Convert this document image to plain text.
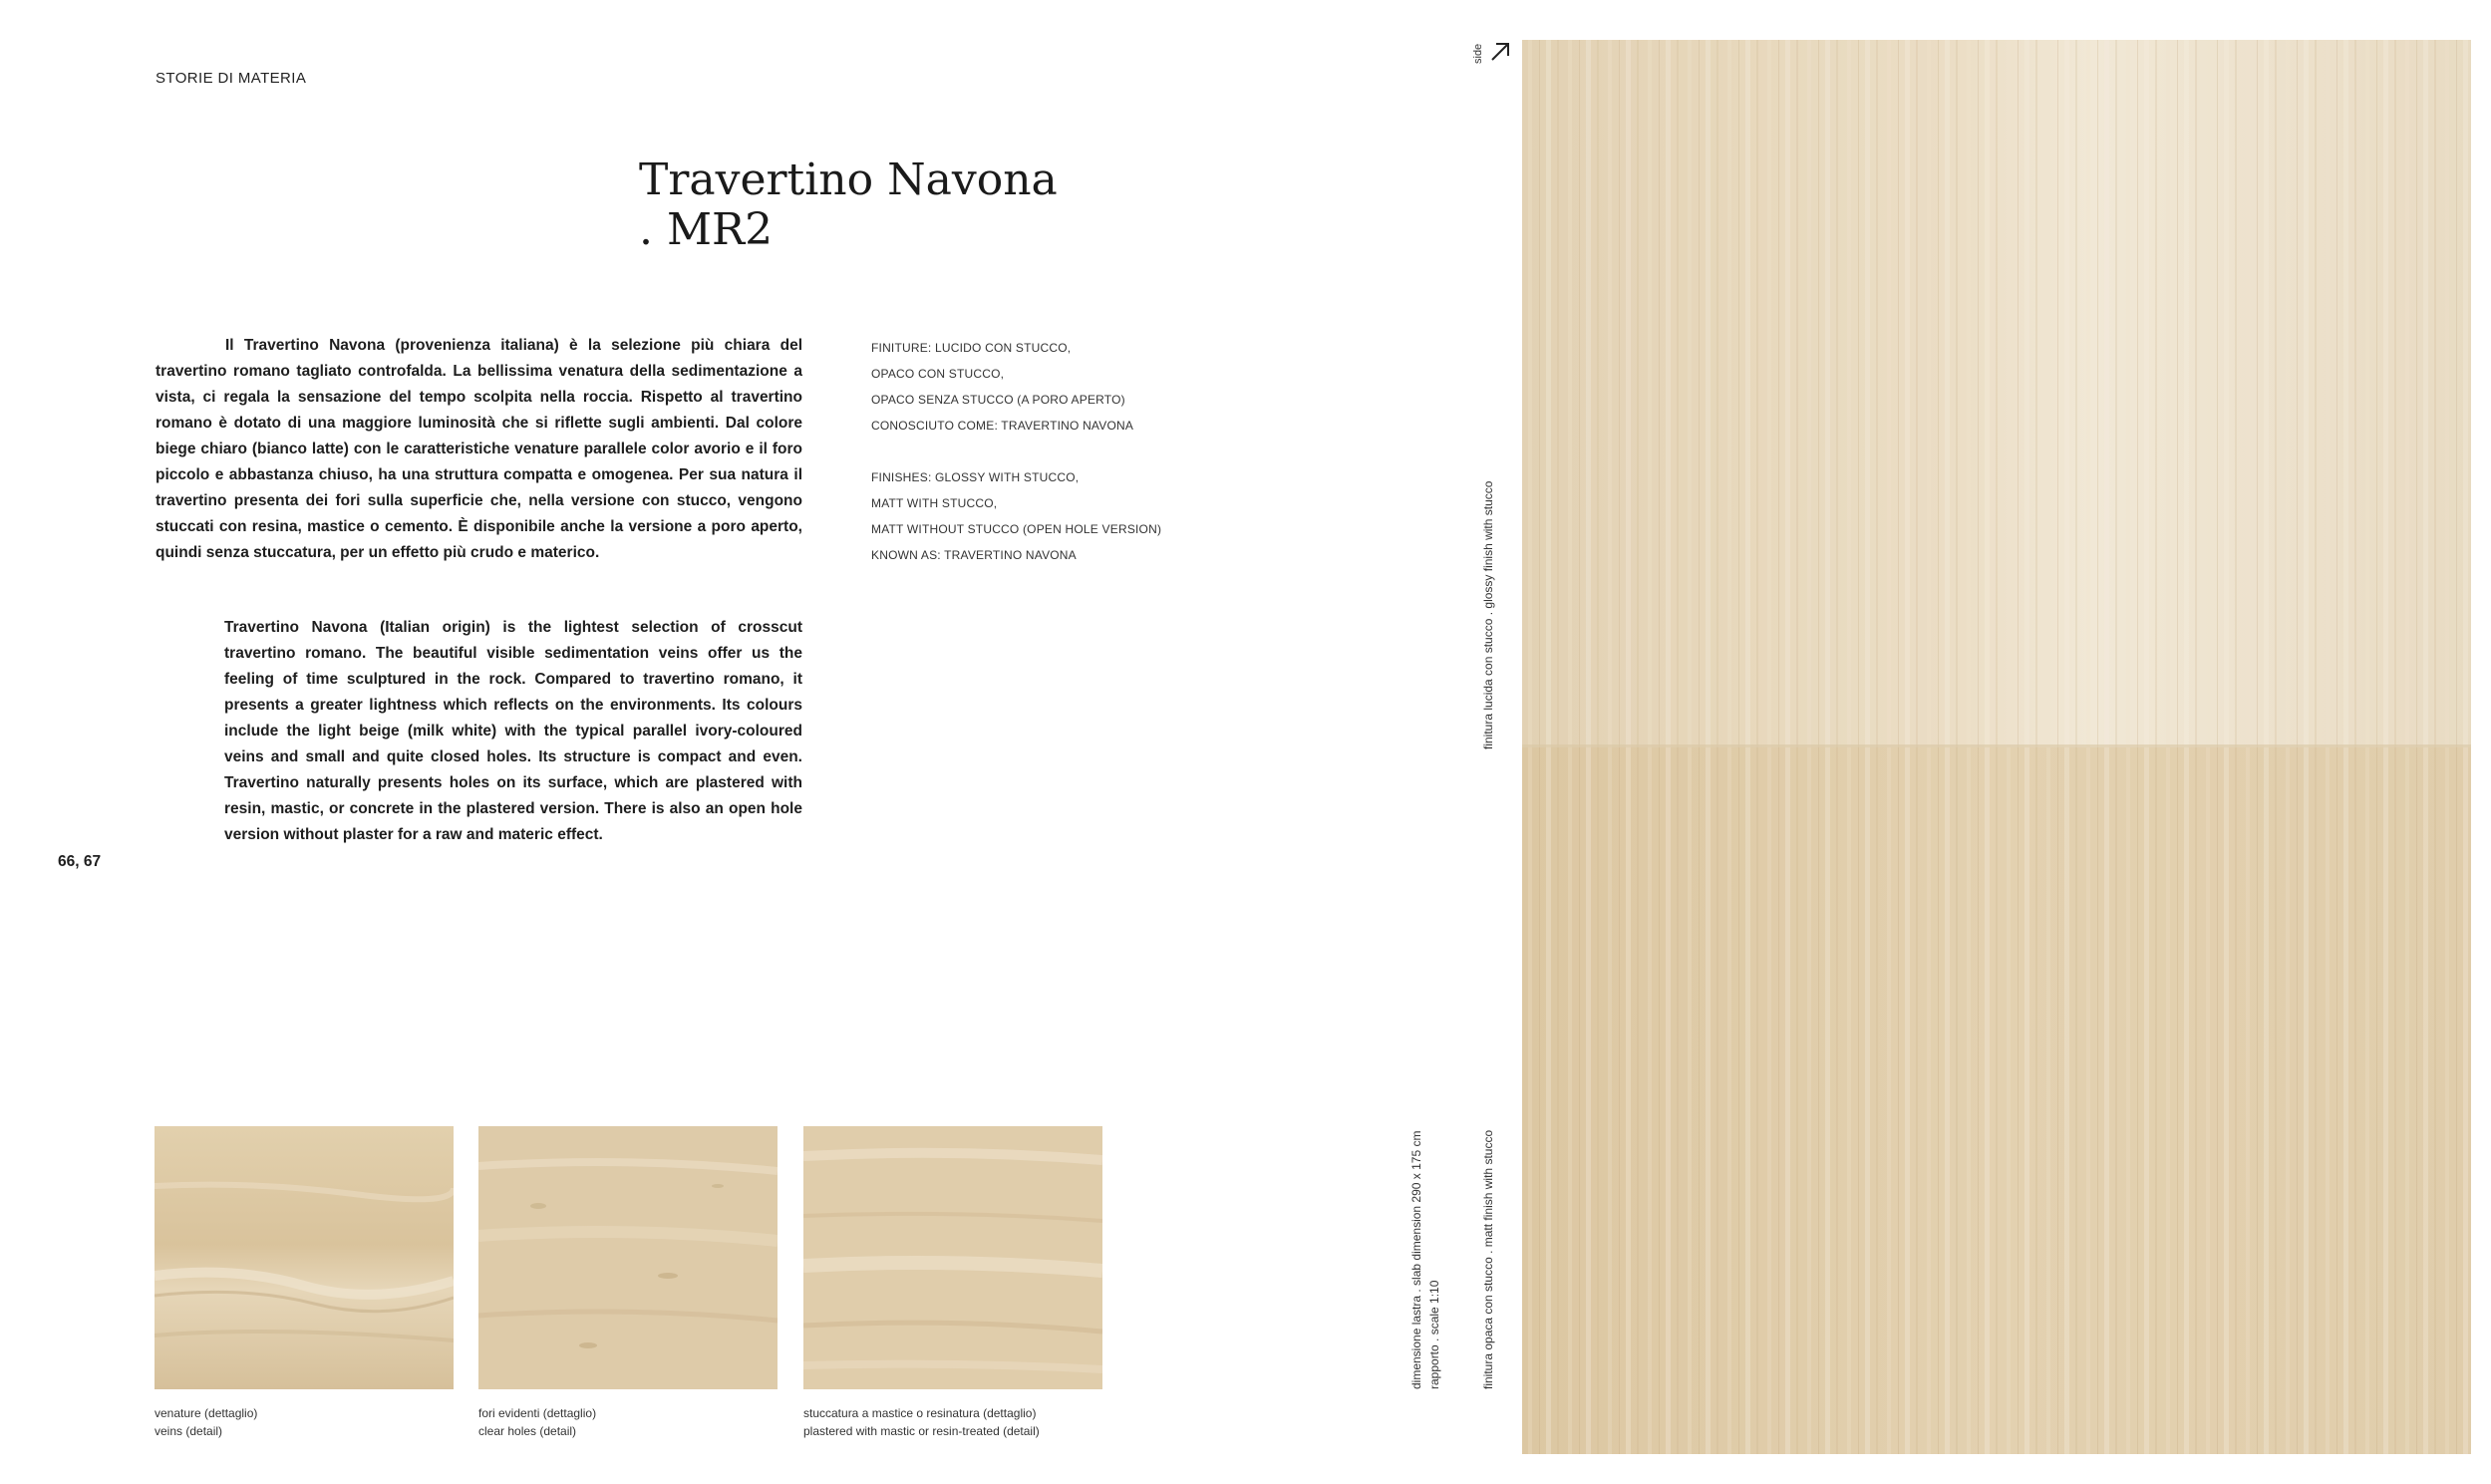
STORIE DI MATERIA
Travertino Navona
. MR2

Il Travertino Navona (provenienza italiana) è la selezione più chiara del travertino romano tagliato controfalda. La bellissima venatura della sedimentazione a vista, ci regala la sensazione del tempo scolpita nella roccia. Rispetto al travertino romano è dotato di una maggiore luminosità che si riflette sugli ambienti. Dal colore biege chiaro (bianco latte) con le caratteristiche venature parallele color avorio e il foro piccolo e abbastanza chiuso, ha una struttura compatta e omogenea. Per sua natura il travertino presenta dei fori sulla superficie che, nella versione con stucco, vengono stuccati con resina, mastice o cemento. È disponibile anche la versione a poro aperto, quindi senza stuccatura, per un effetto più crudo e materico.

Travertino Navona (Italian origin) is the lightest selection of crosscut travertino romano. The beautiful visible sedimentation veins offer us the feeling of time sculptured in the rock. Compared to travertino romano, it presents a greater lightness which reflects on the environments. Its colours include the light beige (milk white) with the typical parallel ivory-coloured veins and small and quite closed holes. Its structure is compact and even. Travertino naturally presents holes on its surface, which are plastered with resin, mastic, or concrete in the plastered version. There is also an open hole version without plaster for a raw and materic effect.

FINITURE: LUCIDO CON STUCCO,
OPACO CON STUCCO,
OPACO SENZA STUCCO (A PORO APERTO)
CONOSCIUTO COME: TRAVERTINO NAVONA
FINISHES: GLOSSY WITH STUCCO,
MATT WITH STUCCO,
MATT WITHOUT STUCCO (OPEN HOLE VERSION)
KNOWN AS: TRAVERTINO NAVONA
66, 67
venature (dettaglio)
veins (detail)
fori evidenti (dettaglio)
clear holes (detail)
stuccatura a mastice o resinatura (dettaglio)
plastered with mastic or resin-treated (detail)
side
finitura lucida con stucco . glossy finish with stucco
finitura opaca con stucco . matt finish with stucco
dimensione lastra . slab dimension 290 x 175 cm rapporto . scale 1:10
